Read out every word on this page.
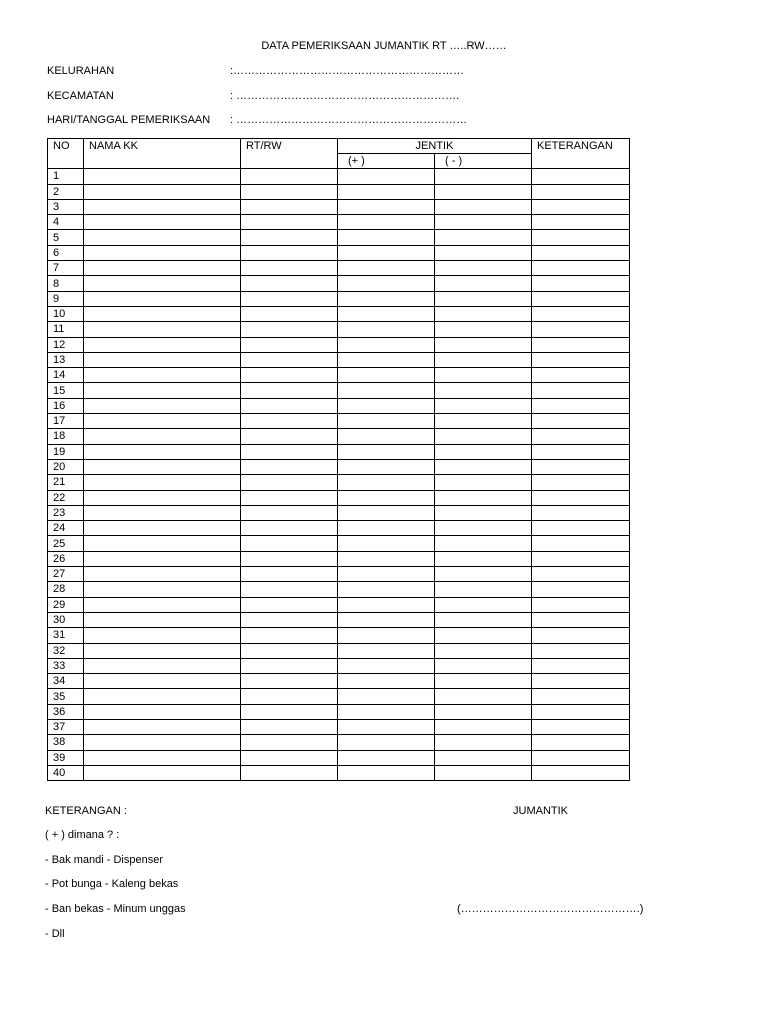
DATA PEMERIKSAAN JUMANTIK RT …..RW……
KELURAHAN	:………………………………………………………
KECAMATAN	: …………………………………………………….
HARI/TANGGAL PEMERIKSAAN : ………………………………………………………
NO	NAMA KK	RT/RW	JENTIK		KETERANGAN
			(+ )	( - )	
1					
2					
3					
4					
5					
6					
7					
8					
9					
10					
11					
12					
13					
14					
15					
16					
17					
18					
19					
20					
21					
22					
23					
24					
25					
26					
27					
28					
29					
30					
31					
32					
33					
34					
35					
36					
37					
38					
39					
40					
KETERANGAN :
( + ) dimana ? :
- Bak mandi - Dispenser
- Pot bunga - Kaleng bekas
- Ban bekas - Minum unggas
- Dll
JUMANTIK
(………………………………………….)
